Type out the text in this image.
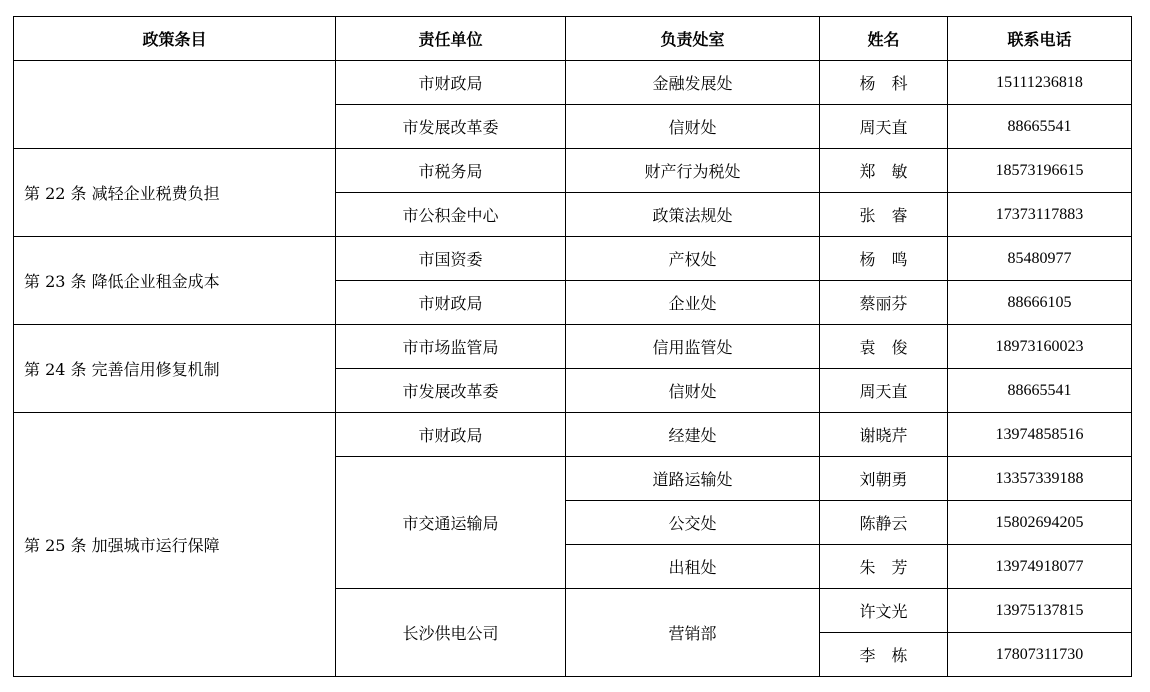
政策条目	责任单位	负责处室	姓名	联系电话
	市财政局	金融发展处	杨　科	15111236818
	市发展改革委	信财处	周天直	88665541
第 22 条 减轻企业税费负担	市税务局	财产行为税处	郑　敏	18573196615
	市公积金中心	政策法规处	张　睿	17373117883
第 23 条 降低企业租金成本	市国资委	产权处	杨　鸣	85480977
	市财政局	企业处	蔡丽芬	88666105
第 24 条 完善信用修复机制	市市场监管局	信用监管处	袁　俊	18973160023
	市发展改革委	信财处	周天直	88665541
第 25 条 加强城市运行保障	市财政局	经建处	谢晓芹	13974858516
	市交通运输局	道路运输处	刘朝勇	13357339188
		公交处	陈静云	15802694205
		出租处	朱　芳	13974918077
	长沙供电公司	营销部	许文光	13975137815
			李　栋	17807311730
